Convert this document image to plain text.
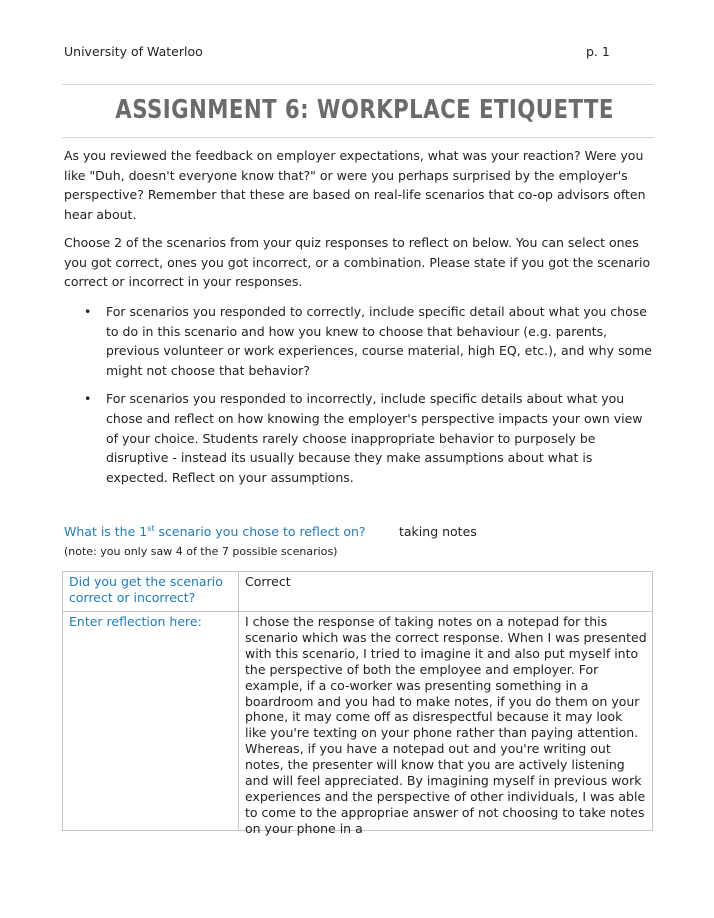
University of Waterloo	p. 1
ASSIGNMENT 6: WORKPLACE ETIQUETTE

As you reviewed the feedback on employer expectations, what was your reaction? Were you like "Duh, doesn't everyone know that?" or were you perhaps surprised by the employer's perspective? Remember that these are based on real-life scenarios that co-op advisors often hear about.

Choose 2 of the scenarios from your quiz responses to reflect on below. You can select ones you got correct, ones you got incorrect, or a combination. Please state if you got the scenario correct or incorrect in your responses.

• For scenarios you responded to correctly, include specific detail about what you chose to do in this scenario and how you knew to choose that behaviour (e.g. parents, previous volunteer or work experiences, course material, high EQ, etc.), and why some might not choose that behavior?
• For scenarios you responded to incorrectly, include specific details about what you chose and reflect on how knowing the employer's perspective impacts your own view of your choice. Students rarely choose inappropriate behavior to purposely be disruptive - instead its usually because they make assumptions about what is expected. Reflect on your assumptions.
What is the 1st scenario you chose to reflect on?	taking notes
(note: you only saw 4 of the 7 possible scenarios)
Did you get the scenario correct or incorrect?	Correct
Enter reflection here:	I chose the response of taking notes on a notepad for this scenario which was the correct response. When I was presented with this scenario, I tried to imagine it and also put myself into the perspective of both the employee and employer. For example, if a co-worker was presenting something in a boardroom and you had to make notes, if you do them on your phone, it may come off as disrespectful because it may look like you're texting on your phone rather than paying attention. Whereas, if you have a notepad out and you're writing out notes, the presenter will know that you are actively listening and will feel appreciated. By imagining myself in previous work experiences and the perspective of other individuals, I was able to come to the appropriae answer of not choosing to take notes on your phone in a
